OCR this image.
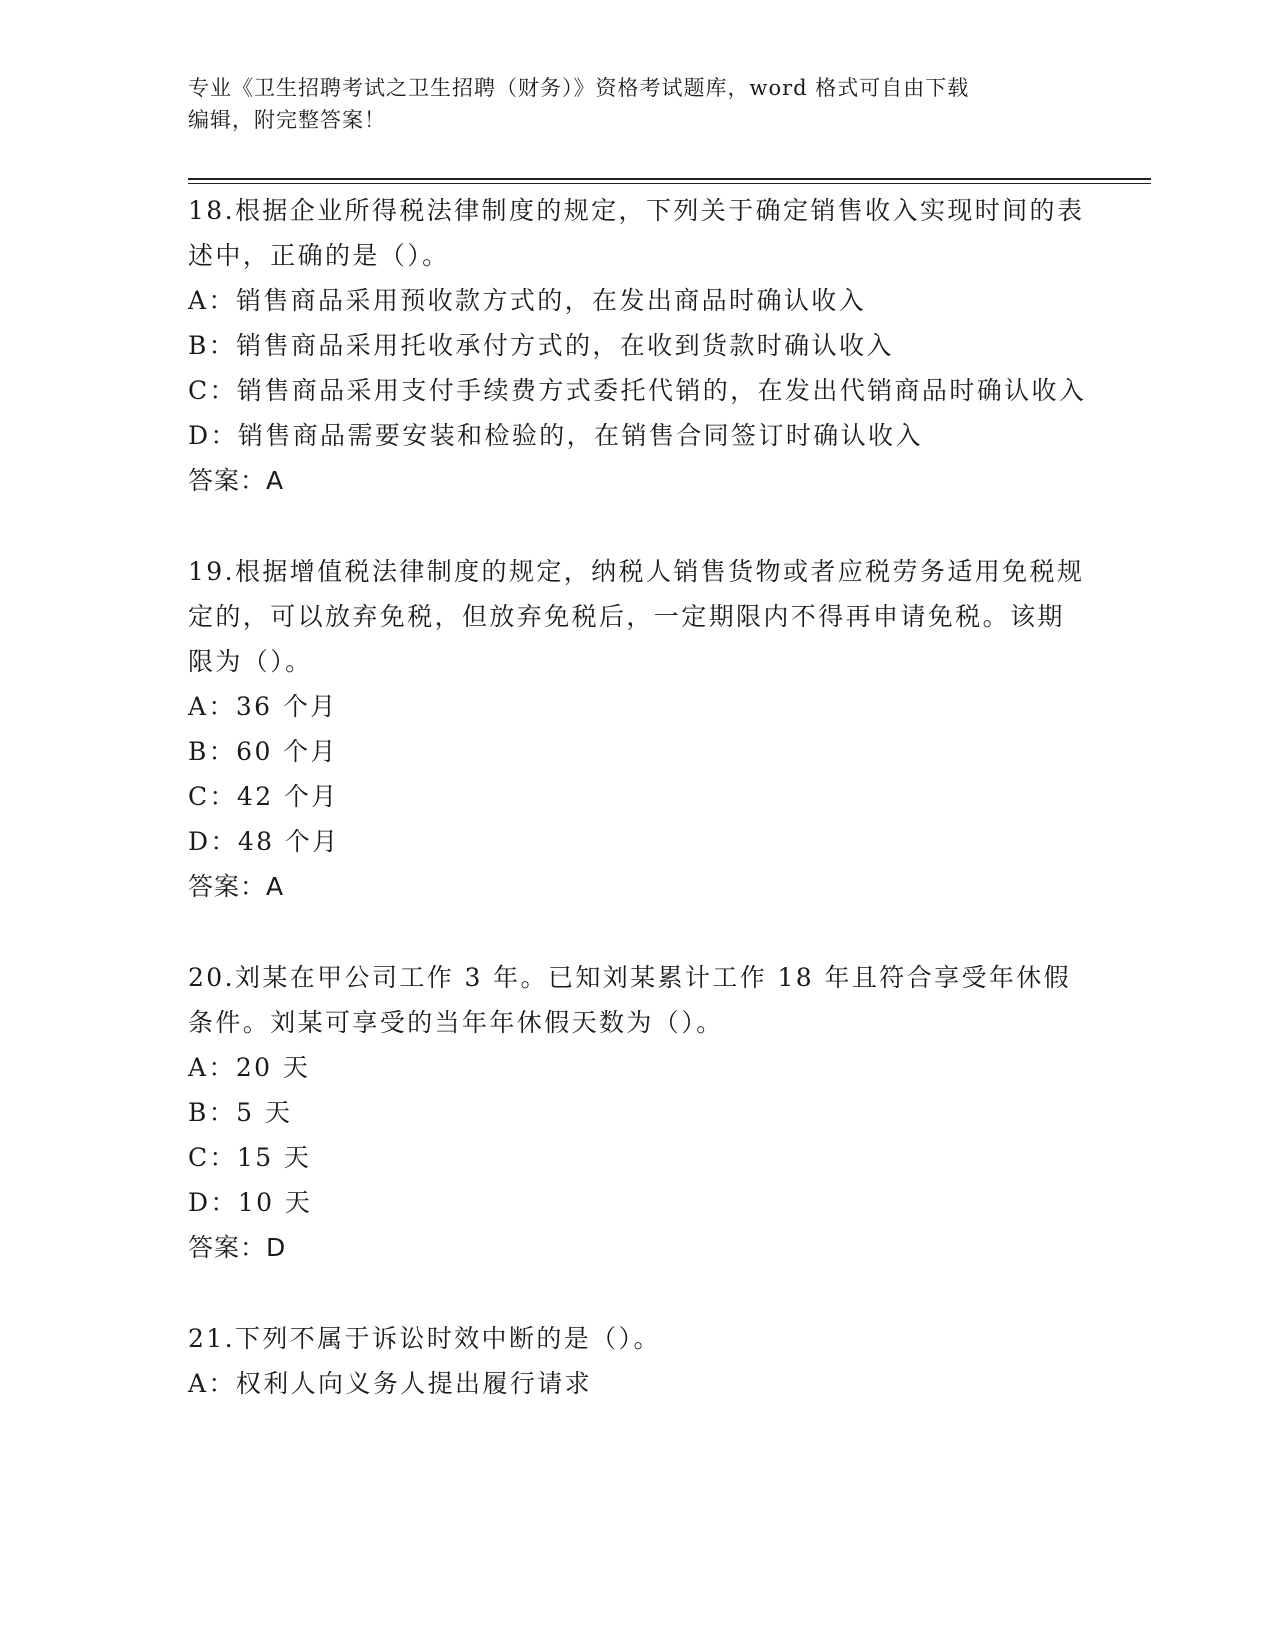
专业《卫生招聘考试之卫生招聘（财务）》资格考试题库，word 格式可自由下载
编辑，附完整答案！
18.根据企业所得税法律制度的规定，下列关于确定销售收入实现时间的表述中，正确的是（）。
A：销售商品采用预收款方式的，在发出商品时确认收入
B：销售商品采用托收承付方式的，在收到货款时确认收入
C：销售商品采用支付手续费方式委托代销的，在发出代销商品时确认收入
D：销售商品需要安装和检验的，在销售合同签订时确认收入
答案：A
19.根据增值税法律制度的规定，纳税人销售货物或者应税劳务适用免税规定的，可以放弃免税，但放弃免税后，一定期限内不得再申请免税。该期限为（）。
A：36 个月
B：60 个月
C：42 个月
D：48 个月
答案：A
20.刘某在甲公司工作 3 年。已知刘某累计工作 18 年且符合享受年休假条件。刘某可享受的当年年休假天数为（）。
A：20 天
B：5 天
C：15 天
D：10 天
答案：D
21.下列不属于诉讼时效中断的是（）。
A：权利人向义务人提出履行请求
